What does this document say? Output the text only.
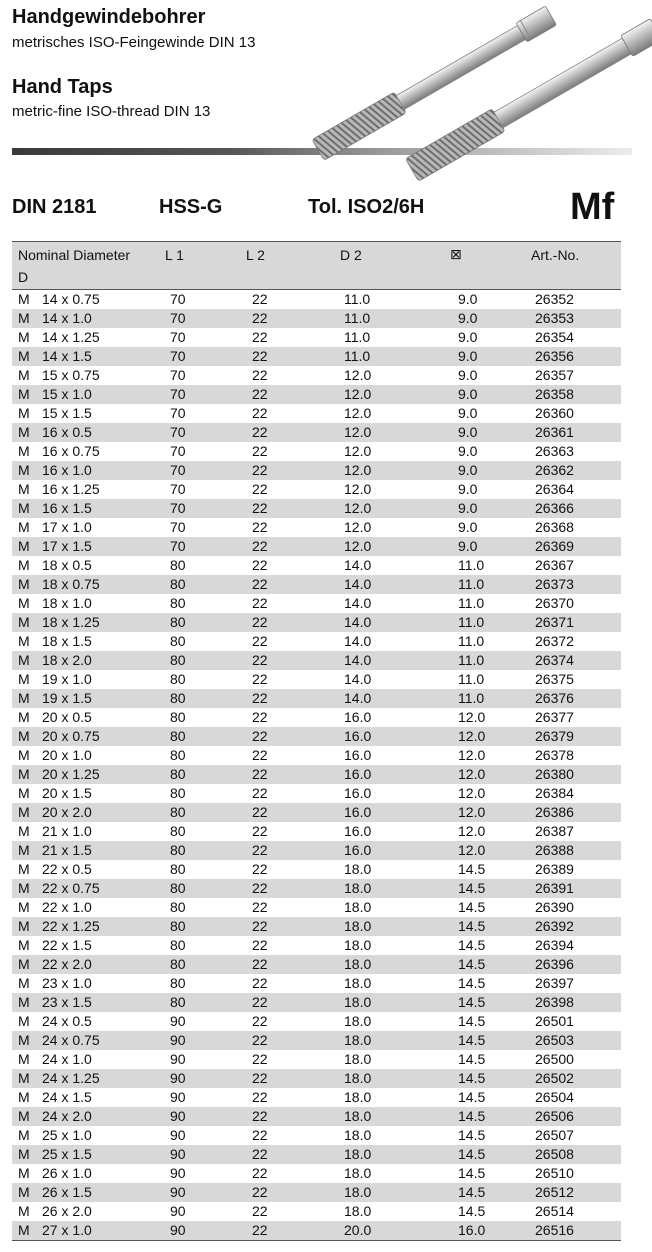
Handgewindebohrer
metrisches ISO-Feingewinde DIN 13
Hand Taps
metric-fine ISO-thread DIN 13
DIN 2181	HSS-G	Tol. ISO2/6H	Mf
Nominal Diameter
D
L 1	L 2	D 2	⊠	Art.-No.
M 14 x 0.75	70	22	11.0	9.0	26352
M 14 x 1.0	70	22	11.0	9.0	26353
M 14 x 1.25	70	22	11.0	9.0	26354
M 14 x 1.5	70	22	11.0	9.0	26356
M 15 x 0.75	70	22	12.0	9.0	26357
M 15 x 1.0	70	22	12.0	9.0	26358
M 15 x 1.5	70	22	12.0	9.0	26360
M 16 x 0.5	70	22	12.0	9.0	26361
M 16 x 0.75	70	22	12.0	9.0	26363
M 16 x 1.0	70	22	12.0	9.0	26362
M 16 x 1.25	70	22	12.0	9.0	26364
M 16 x 1.5	70	22	12.0	9.0	26366
M 17 x 1.0	70	22	12.0	9.0	26368
M 17 x 1.5	70	22	12.0	9.0	26369
M 18 x 0.5	80	22	14.0	11.0	26367
M 18 x 0.75	80	22	14.0	11.0	26373
M 18 x 1.0	80	22	14.0	11.0	26370
M 18 x 1.25	80	22	14.0	11.0	26371
M 18 x 1.5	80	22	14.0	11.0	26372
M 18 x 2.0	80	22	14.0	11.0	26374
M 19 x 1.0	80	22	14.0	11.0	26375
M 19 x 1.5	80	22	14.0	11.0	26376
M 20 x 0.5	80	22	16.0	12.0	26377
M 20 x 0.75	80	22	16.0	12.0	26379
M 20 x 1.0	80	22	16.0	12.0	26378
M 20 x 1.25	80	22	16.0	12.0	26380
M 20 x 1.5	80	22	16.0	12.0	26384
M 20 x 2.0	80	22	16.0	12.0	26386
M 21 x 1.0	80	22	16.0	12.0	26387
M 21 x 1.5	80	22	16.0	12.0	26388
M 22 x 0.5	80	22	18.0	14.5	26389
M 22 x 0.75	80	22	18.0	14.5	26391
M 22 x 1.0	80	22	18.0	14.5	26390
M 22 x 1.25	80	22	18.0	14.5	26392
M 22 x 1.5	80	22	18.0	14.5	26394
M 22 x 2.0	80	22	18.0	14.5	26396
M 23 x 1.0	80	22	18.0	14.5	26397
M 23 x 1.5	80	22	18.0	14.5	26398
M 24 x 0.5	90	22	18.0	14.5	26501
M 24 x 0.75	90	22	18.0	14.5	26503
M 24 x 1.0	90	22	18.0	14.5	26500
M 24 x 1.25	90	22	18.0	14.5	26502
M 24 x 1.5	90	22	18.0	14.5	26504
M 24 x 2.0	90	22	18.0	14.5	26506
M 25 x 1.0	90	22	18.0	14.5	26507
M 25 x 1.5	90	22	18.0	14.5	26508
M 26 x 1.0	90	22	18.0	14.5	26510
M 26 x 1.5	90	22	18.0	14.5	26512
M 26 x 2.0	90	22	18.0	14.5	26514
M 27 x 1.0	90	22	20.0	16.0	26516
